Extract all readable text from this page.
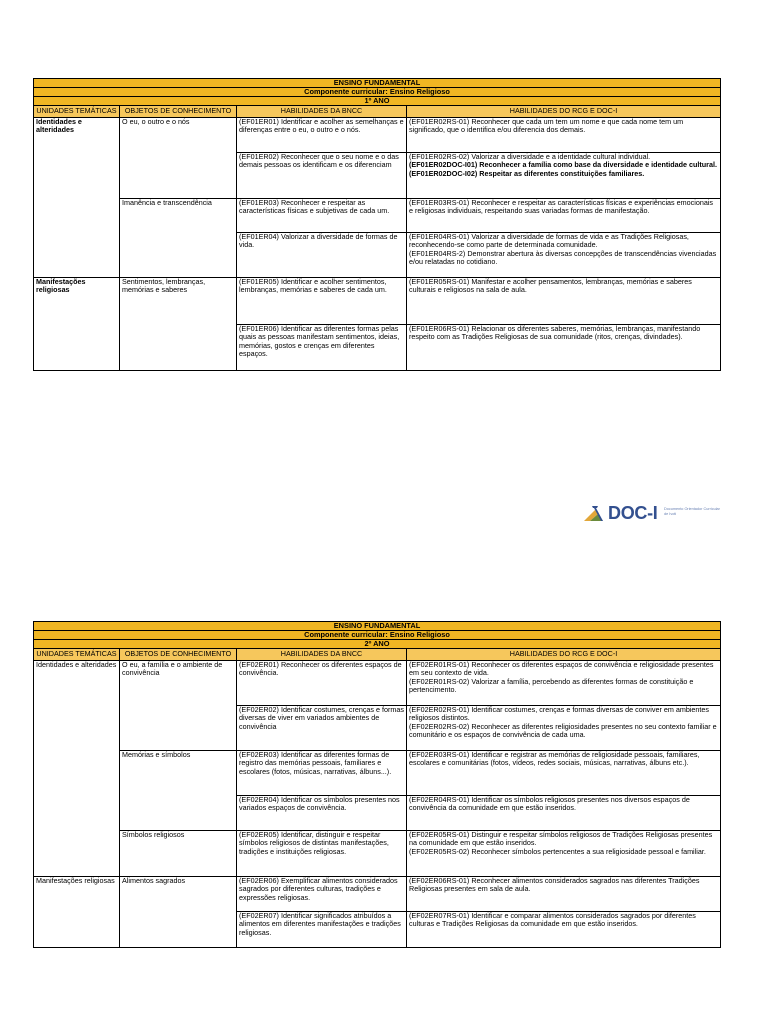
ENSINO FUNDAMENTAL			
Componente curricular: Ensino Religioso			
1º ANO			
UNIDADES TEMÁTICAS	OBJETOS DE CONHECIMENTO	HABILIDADES DA BNCC	HABILIDADES DO RCG E DOC-I
Identidades e alteridades	O eu, o outro e o nós	(EF01ER01) Identificar e acolher as semelhanças e diferenças entre o eu, o outro e o nós.	(EF01ER02RS-01) Reconhecer que cada um tem um nome e que cada nome tem um significado, que o identifica e/ou diferencia dos demais.
		(EF01ER02) Reconhecer que o seu nome e o das demais pessoas os identificam e os diferenciam	(EF01ER02RS-02) Valorizar a diversidade e a identidade cultural individual.
(EF01ER02DOC-I01) Reconhecer a família como base da diversidade e identidade cultural.
(EF01ER02DOC-I02) Respeitar as diferentes constituições familiares.

	Imanência e transcendência	(EF01ER03) Reconhecer e respeitar as características físicas e subjetivas de cada um.	(EF01ER03RS-01) Reconhecer e respeitar as características físicas e experiências emocionais e religiosas individuais, respeitando suas variadas formas de manifestação.
		(EF01ER04) Valorizar a diversidade de formas de vida.	(EF01ER04RS-01) Valorizar a diversidade de formas de vida e as Tradições Religiosas, reconhecendo-se como parte de determinada comunidade.
(EF01ER04RS-2) Demonstrar abertura às diversas concepções de transcendências vivenciadas e/ou relatadas no cotidiano.

Manifestações religiosas	Sentimentos, lembranças, memórias e saberes	(EF01ER05) Identificar e acolher sentimentos, lembranças, memórias e saberes de cada um.	(EF01ER05RS-01) Manifestar e acolher pensamentos, lembranças, memórias e saberes culturais e religiosos na sala de aula.
		(EF01ER06) Identificar as diferentes formas pelas quais as pessoas manifestam sentimentos, ideias, memórias, gostos e crenças em diferentes espaços.	(EF01ER06RS-01) Relacionar os diferentes saberes, memórias, lembranças, manifestando respeito com as Tradições Religiosas de sua comunidade (ritos, crenças, divindades).
DOC-I Documento Orientador Curricular de Ivoti
ENSINO FUNDAMENTAL			
Componente curricular: Ensino Religioso			
2º ANO			
UNIDADES TEMÁTICAS	OBJETOS DE CONHECIMENTO	HABILIDADES DA BNCC	HABILIDADES DO RCG E DOC-I
Identidades e alteridades	O eu, a família e o ambiente de convivência	(EF02ER01) Reconhecer os diferentes espaços de convivência.	(EF02ER01RS-01) Reconhecer os diferentes espaços de convivência e religiosidade presentes em seu contexto de vida.
(EF02ER01RS-02) Valorizar a família, percebendo as diferentes formas de constituição e pertencimento.

		(EF02ER02) Identificar costumes, crenças e formas diversas de viver em variados ambientes de convivência	(EF02ER02RS-01) Identificar costumes, crenças e formas diversas de conviver em ambientes religiosos distintos.
(EF02ER02RS-02) Reconhecer as diferentes religiosidades presentes no seu contexto familiar e comunitário e os espaços de convivência de cada uma.

	Memórias e símbolos	(EF02ER03) Identificar as diferentes formas de registro das memórias pessoais, familiares e escolares (fotos, músicas, narrativas, álbuns...).	(EF02ER03RS-01) Identificar e registrar as memórias de religiosidade pessoais, familiares, escolares e comunitárias (fotos, vídeos, redes sociais, músicas, narrativas, álbuns etc.).
		(EF02ER04) Identificar os símbolos presentes nos variados espaços de convivência.	(EF02ER04RS-01) Identificar os símbolos religiosos presentes nos diversos espaços de convivência da comunidade em que estão inseridos.
	Símbolos religiosos	(EF02ER05) Identificar, distinguir e respeitar símbolos religiosos de distintas manifestações, tradições e instituições religiosas.	(EF02ER05RS-01) Distinguir e respeitar símbolos religiosos de Tradições Religiosas presentes na comunidade em que estão inseridos.
(EF02ER05RS-02) Reconhecer símbolos pertencentes a sua religiosidade pessoal e familiar.

Manifestações religiosas	Alimentos sagrados	(EF02ER06) Exemplificar alimentos considerados sagrados por diferentes culturas, tradições e expressões religiosas.	(EF02ER06RS-01) Reconhecer alimentos considerados sagrados nas diferentes Tradições Religiosas presentes em sala de aula.
		(EF02ER07) Identificar significados atribuídos a alimentos em diferentes manifestações e tradições religiosas.	(EF02ER07RS-01) Identificar e comparar alimentos considerados sagrados por diferentes culturas e Tradições Religiosas da comunidade em que estão inseridos.
